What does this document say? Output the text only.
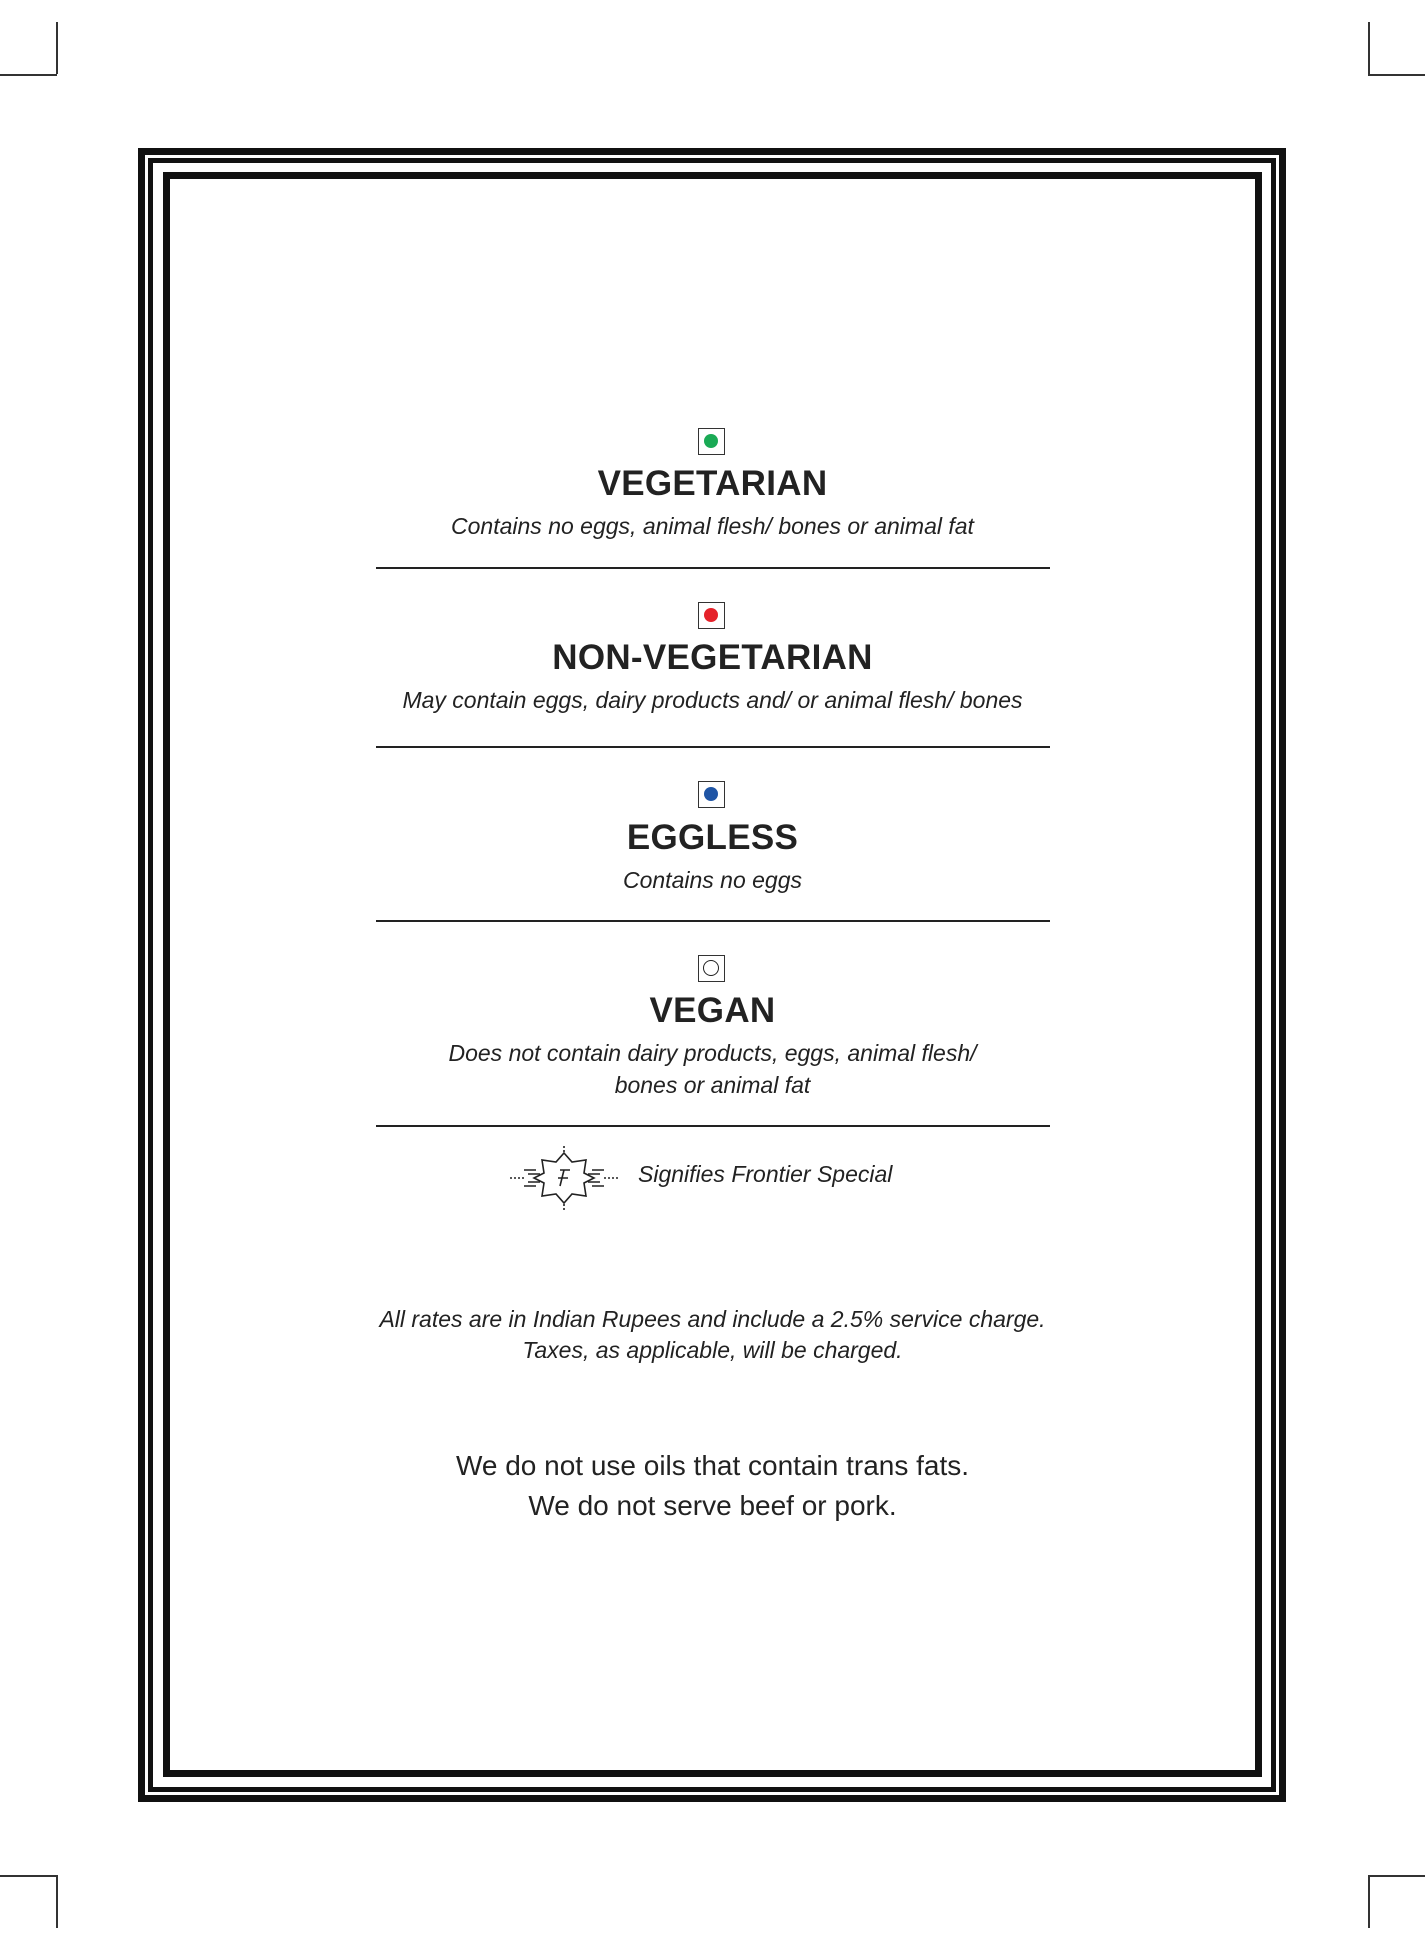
VEGETARIAN
Contains no eggs, animal flesh/ bones or animal fat
NON-VEGETARIAN
May contain eggs, dairy products and/ or animal flesh/ bones
EGGLESS
Contains no eggs
VEGAN
Does not contain dairy products, eggs, animal flesh/
bones or animal fat
Signifies Frontier Special
All rates are in Indian Rupees and include a 2.5% service charge.
Taxes, as applicable, will be charged.
We do not use oils that contain trans fats.
We do not serve beef or pork.
